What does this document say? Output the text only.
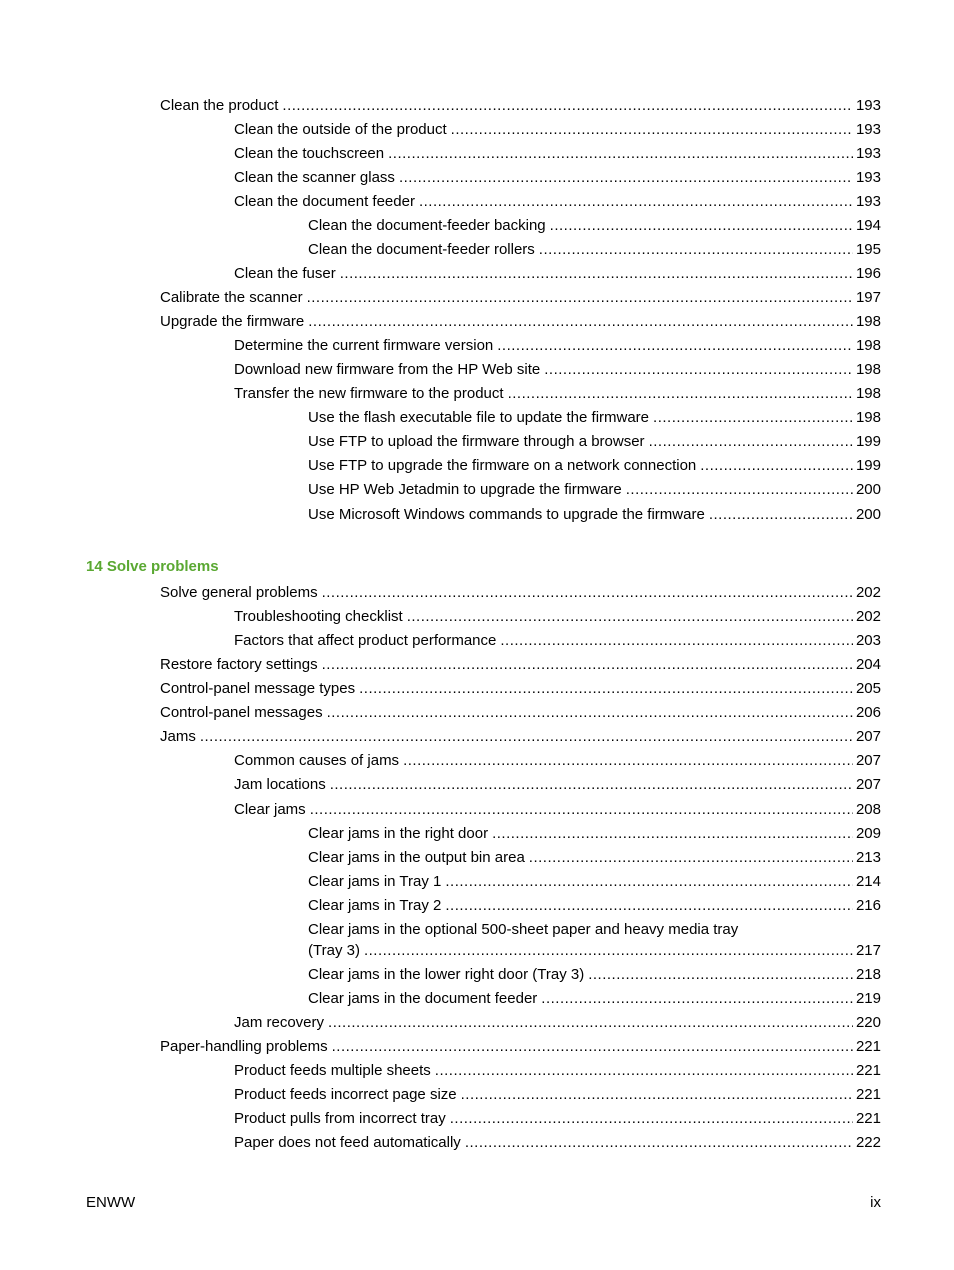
Clean the product .....	193
Clean the outside of the product .....	193
Clean the touchscreen .....	193
Clean the scanner glass .....	193
Clean the document feeder .....	193
Clean the document-feeder backing .....	194
Clean the document-feeder rollers .....	195
Clean the fuser .....	196
Calibrate the scanner .....	197
Upgrade the firmware .....	198
Determine the current firmware version .....	198
Download new firmware from the HP Web site .....	198
Transfer the new firmware to the product .....	198
Use the flash executable file to update the firmware .....	198
Use FTP to upload the firmware through a browser .....	199
Use FTP to upgrade the firmware on a network connection .....	199
Use HP Web Jetadmin to upgrade the firmware .....	200
Use Microsoft Windows commands to upgrade the firmware .....	200
14 Solve problems
Solve general problems .....	202
Troubleshooting checklist .....	202
Factors that affect product performance .....	203
Restore factory settings .....	204
Control-panel message types .....	205
Control-panel messages .....	206
Jams .....	207
Common causes of jams .....	207
Jam locations .....	207
Clear jams .....	208
Clear jams in the right door .....	209
Clear jams in the output bin area .....	213
Clear jams in Tray 1 .....	214
Clear jams in Tray 2 .....	216
Clear jams in the optional 500-sheet paper and heavy media tray
(Tray 3) .....	217
Clear jams in the lower right door (Tray 3) .....	218
Clear jams in the document feeder .....	219
Jam recovery .....	220
Paper-handling problems .....	221
Product feeds multiple sheets .....	221
Product feeds incorrect page size .....	221
Product pulls from incorrect tray .....	221
Paper does not feed automatically .....	222
ENWW	ix
